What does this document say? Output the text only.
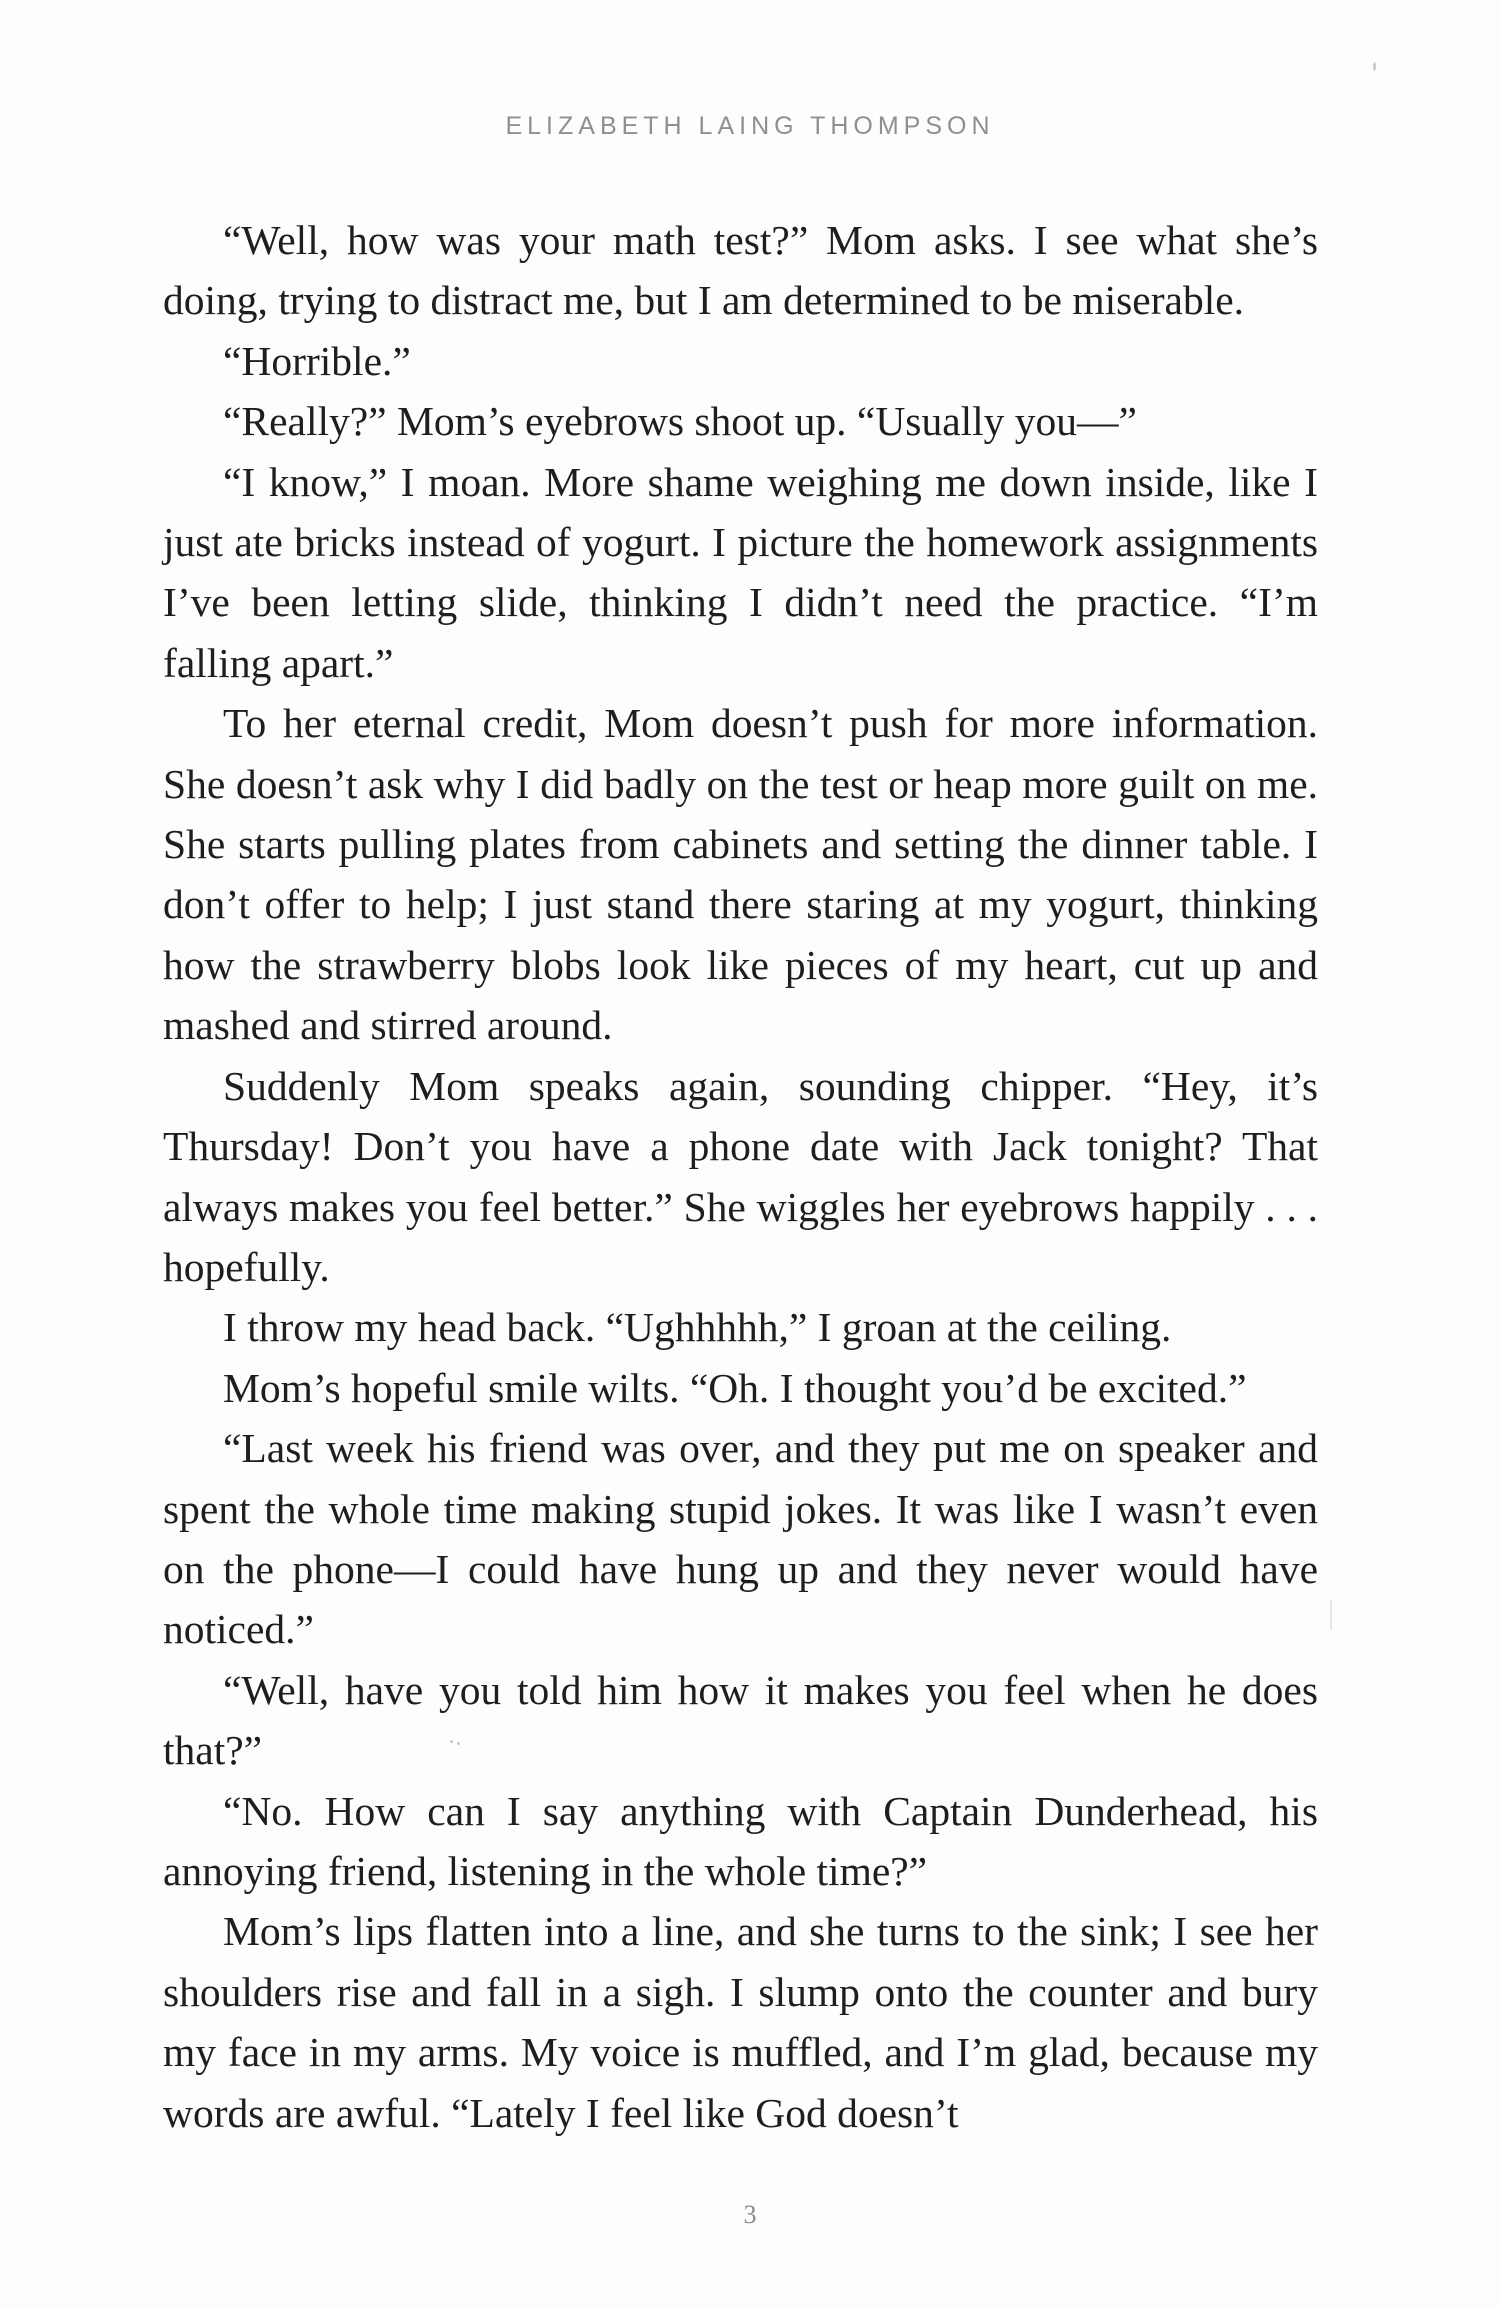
ELIZABETH LAING THOMPSON

“Well, how was your math test?” Mom asks. I see what she’s doing, trying to distract me, but I am determined to be miserable.

“Horrible.”

“Really?” Mom’s eyebrows shoot up. “Usually you—”

“I know,” I moan. More shame weighing me down inside, like I just ate bricks instead of yogurt. I picture the homework assignments I’ve been letting slide, thinking I didn’t need the practice. “I’m falling apart.”

To her eternal credit, Mom doesn’t push for more information. She doesn’t ask why I did badly on the test or heap more guilt on me. She starts pulling plates from cabinets and setting the dinner table. I don’t offer to help; I just stand there staring at my yogurt, thinking how the strawberry blobs look like pieces of my heart, cut up and mashed and stirred around.

Suddenly Mom speaks again, sounding chipper. “Hey, it’s Thursday! Don’t you have a phone date with Jack tonight? That always makes you feel better.” She wiggles her eyebrows happily . . . hopefully.

I throw my head back. “Ughhhhh,” I groan at the ceiling.

Mom’s hopeful smile wilts. “Oh. I thought you’d be excited.”

“Last week his friend was over, and they put me on speaker and spent the whole time making stupid jokes. It was like I wasn’t even on the phone—I could have hung up and they never would have noticed.”

“Well, have you told him how it makes you feel when he does that?”

“No. How can I say anything with Captain Dunderhead, his annoying friend, listening in the whole time?”

Mom’s lips flatten into a line, and she turns to the sink; I see her shoulders rise and fall in a sigh. I slump onto the counter and bury my face in my arms. My voice is muffled, and I’m glad, because my words are awful. “Lately I feel like God doesn’t

3
